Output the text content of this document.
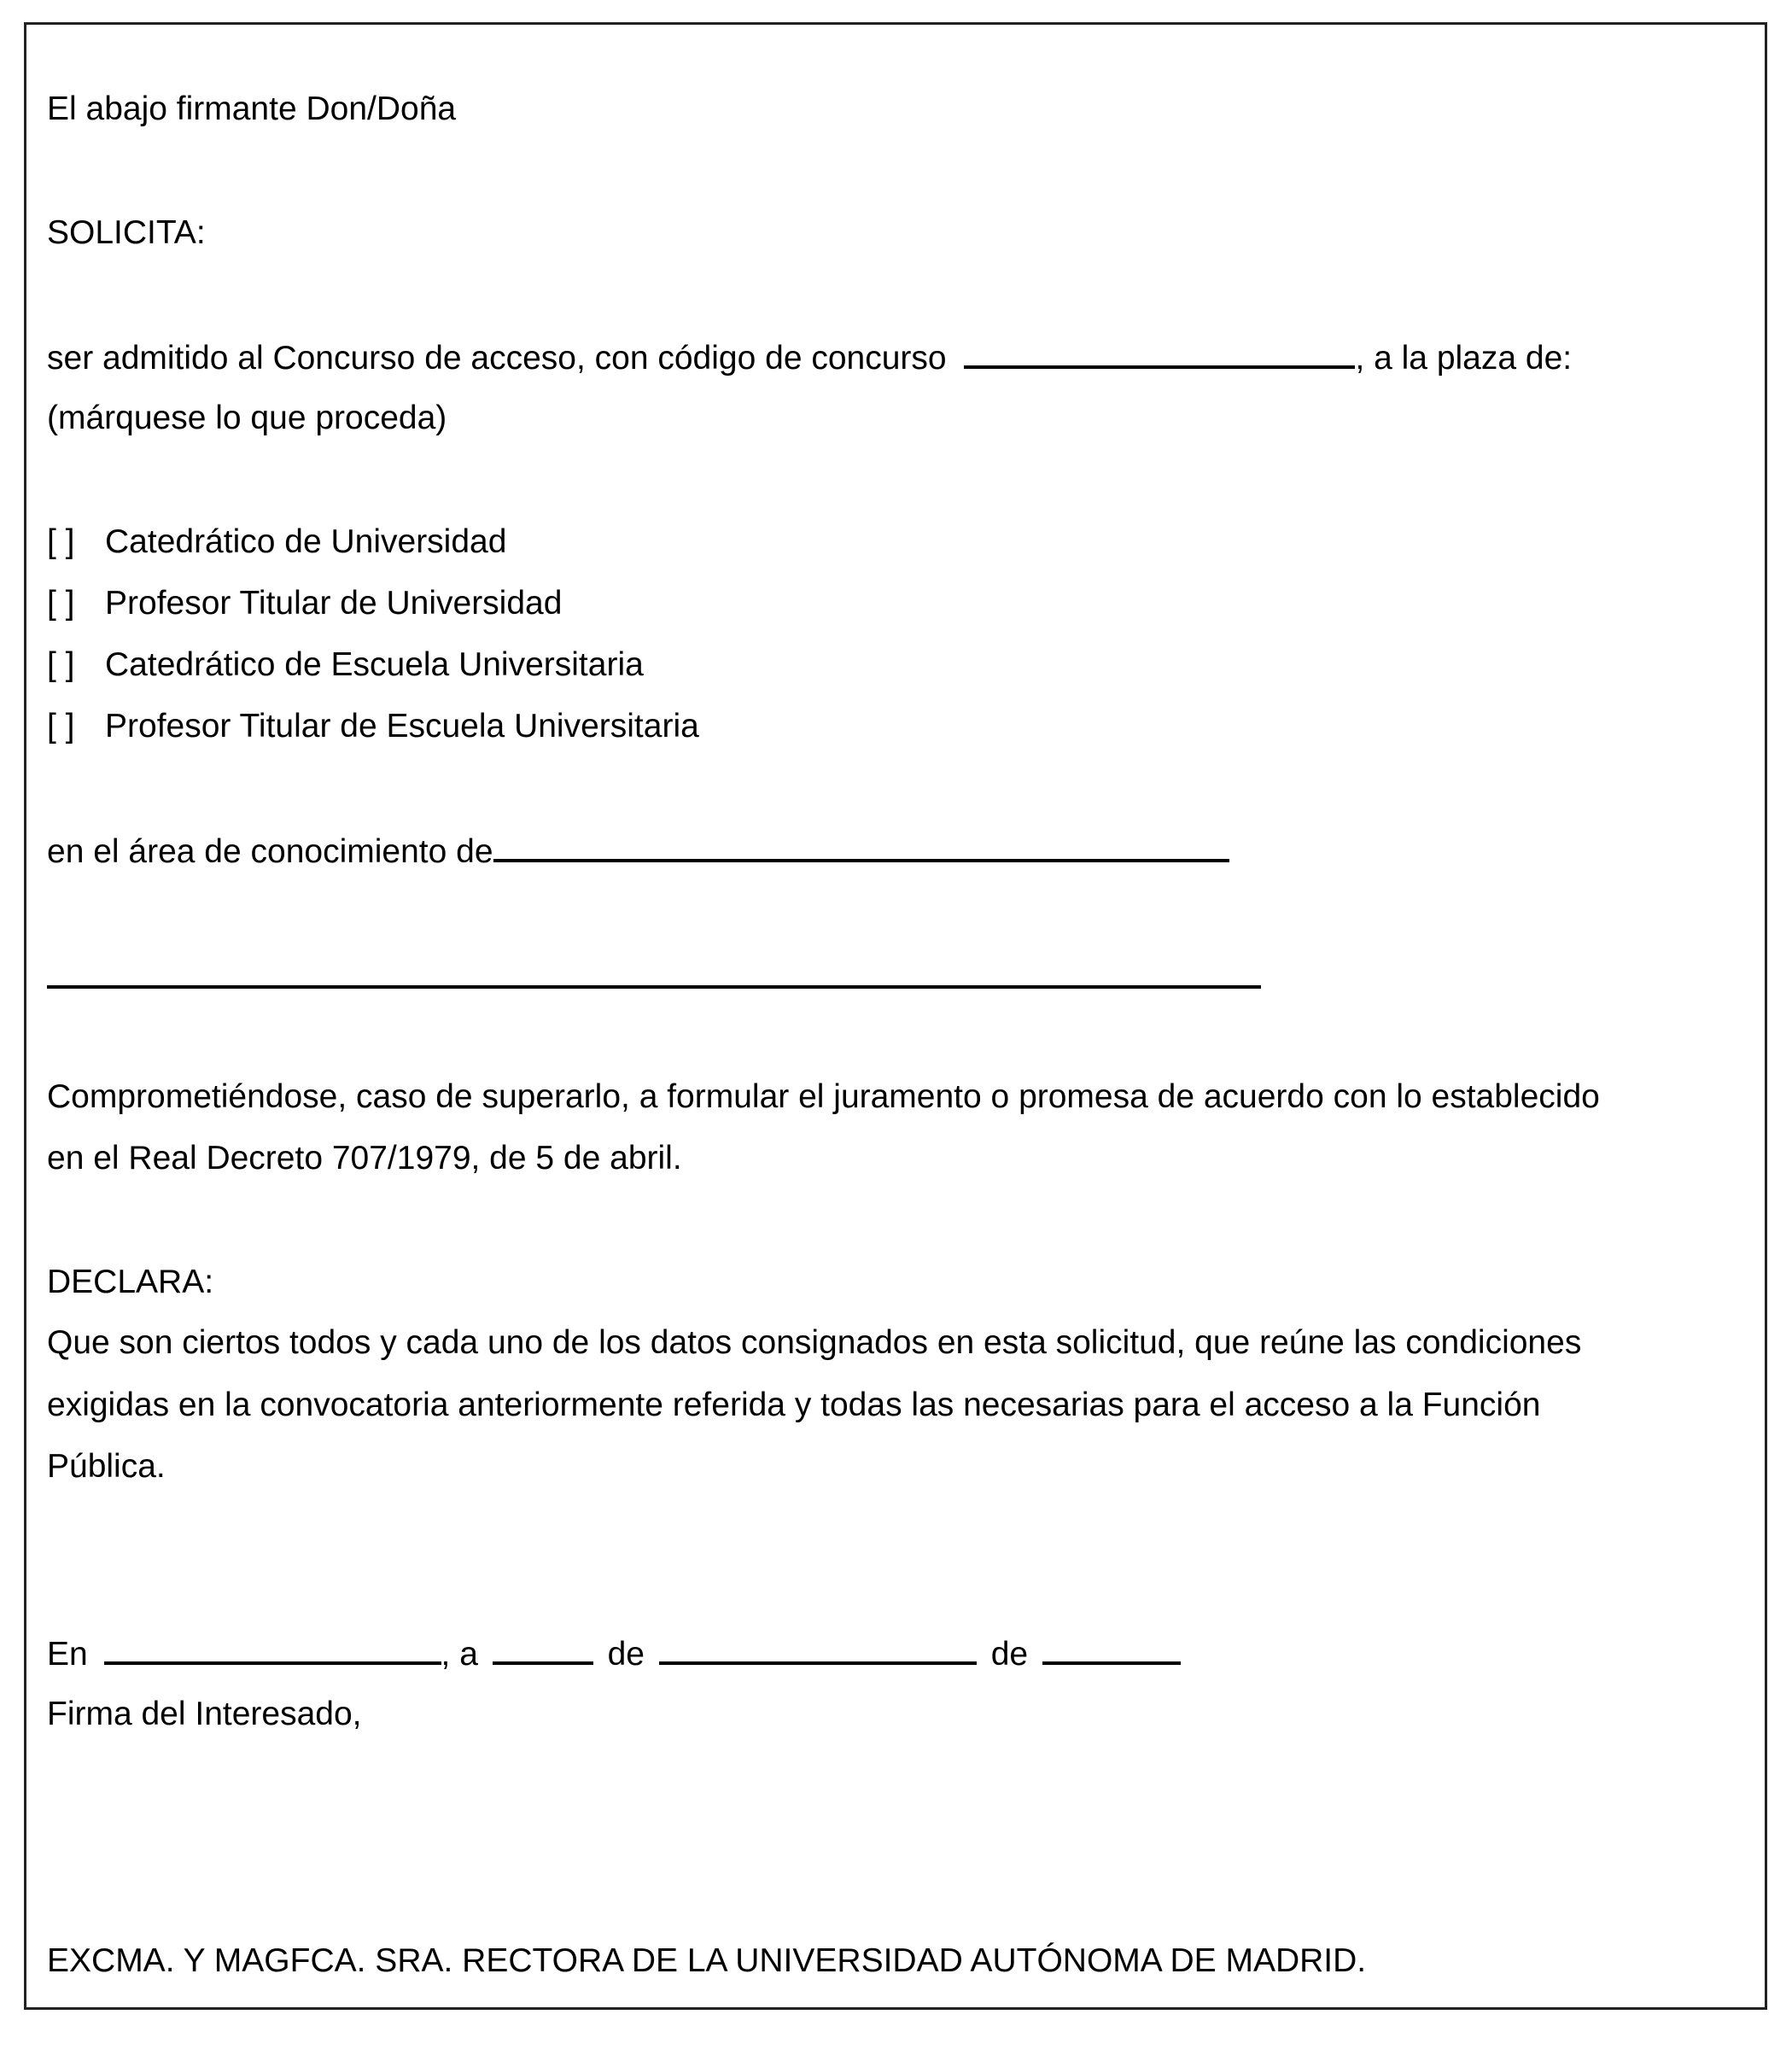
El abajo firmante Don/Doña
SOLICITA:
ser admitido al Concurso de acceso, con código de concurso	, a la plaza de:
(márquese lo que proceda)
[ ] Catedrático de Universidad
[ ] Profesor Titular de Universidad
[ ] Catedrático de Escuela Universitaria
[ ] Profesor Titular de Escuela Universitaria
en el área de conocimiento de
Comprometiéndose, caso de superarlo, a formular el juramento o promesa de acuerdo con lo establecido
en el Real Decreto 707/1979, de 5 de abril.
DECLARA:
Que son ciertos todos y cada uno de los datos consignados en esta solicitud, que reúne las condiciones
exigidas en la convocatoria anteriormente referida y todas las necesarias para el acceso a la Función
Pública.
En	, a	de	de
Firma del Interesado,
EXCMA. Y MAGFCA. SRA. RECTORA DE LA UNIVERSIDAD AUTÓNOMA DE MADRID.
